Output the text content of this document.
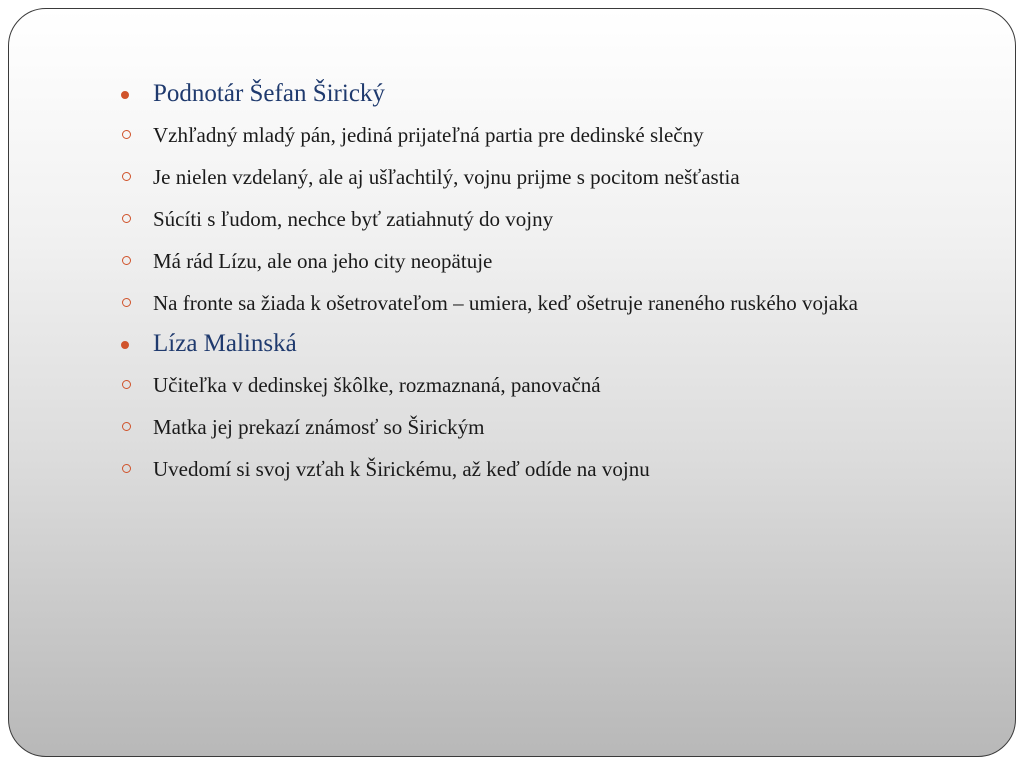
Podnotár Šefan Širický
Vzhľadný mladý pán, jediná prijateľná partia pre dedinské slečny
Je nielen vzdelaný, ale aj ušľachtilý, vojnu prijme s pocitom nešťastia
Súcíti s ľudom, nechce byť zatiahnutý do vojny
Má rád Lízu, ale ona jeho city neopätuje
Na fronte sa žiada k ošetrovateľom – umiera, keď ošetruje raneného ruského vojaka
Líza Malinská
Učiteľka v dedinskej škôlke, rozmaznaná, panovačná
Matka jej prekazí známosť so Širickým
Uvedomí si svoj vzťah k Širickému, až keď odíde na vojnu
